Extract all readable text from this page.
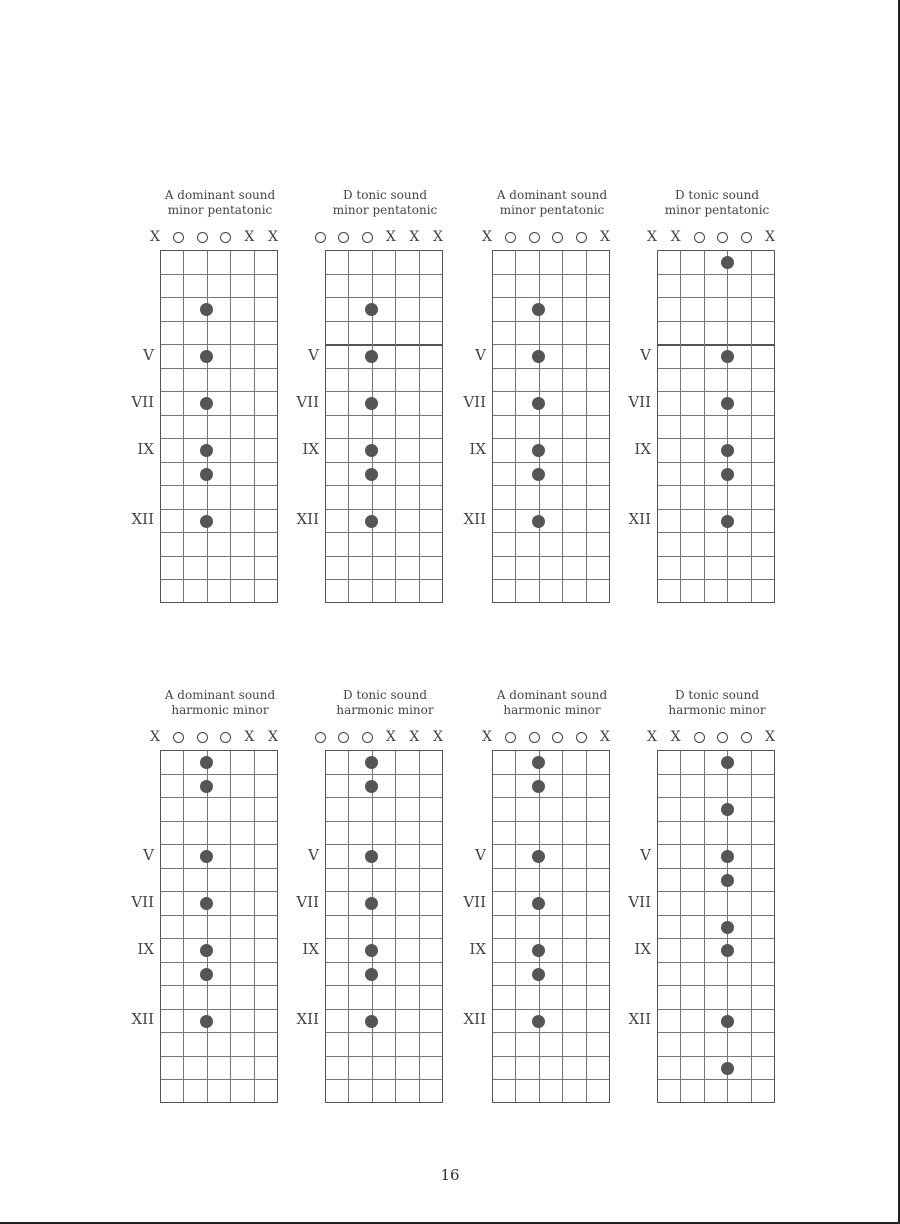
A dominant sound
minor pentatonic
X	X X
V
VII
IX
XII
D tonic sound
minor pentatonic
X X X
V
VII
IX
XII
A dominant sound
minor pentatonic
X	X
V
VII
IX
XII
D tonic sound
minor pentatonic
X X	X
V
VII
IX
XII
A dominant sound
harmonic minor
X	X X
V
VII
IX
XII
D tonic sound
harmonic minor
X X X
V
VII
IX
XII
A dominant sound
harmonic minor
X	X
V
VII
IX
XII
D tonic sound
harmonic minor
X X	X
V
VII
IX
XII
16
